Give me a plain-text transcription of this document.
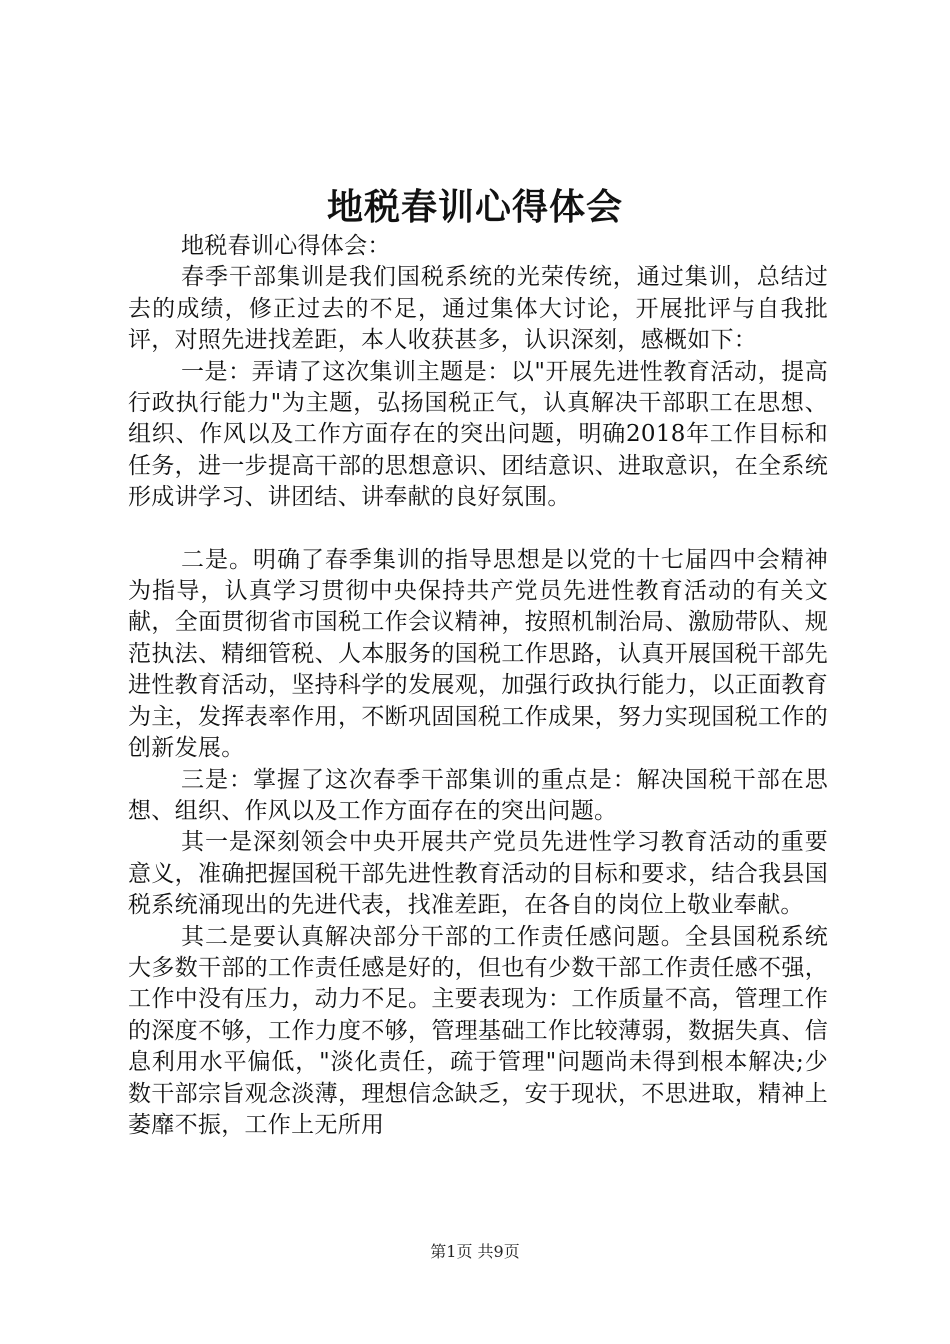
地税春训心得体会

地税春训心得体会：

春季干部集训是我们国税系统的光荣传统，通过集训，总结过去的成绩，修正过去的不足，通过集体大讨论，开展批评与自我批评，对照先进找差距，本人收获甚多，认识深刻，感概如下：

一是：弄请了这次集训主题是：以"开展先进性教育活动，提高行政执行能力"为主题，弘扬国税正气，认真解决干部职工在思想、组织、作风以及工作方面存在的突出问题，明确2018年工作目标和任务，进一步提高干部的思想意识、团结意识、进取意识，在全系统形成讲学习、讲团结、讲奉献的良好氛围。

二是。明确了春季集训的指导思想是以党的十七届四中会精神为指导，认真学习贯彻中央保持共产党员先进性教育活动的有关文献，全面贯彻省市国税工作会议精神，按照机制治局、激励带队、规范执法、精细管税、人本服务的国税工作思路，认真开展国税干部先进性教育活动，坚持科学的发展观，加强行政执行能力，以正面教育为主，发挥表率作用，不断巩固国税工作成果，努力实现国税工作的创新发展。

三是：掌握了这次春季干部集训的重点是：解决国税干部在思想、组织、作风以及工作方面存在的突出问题。

其一是深刻领会中央开展共产党员先进性学习教育活动的重要意义，准确把握国税干部先进性教育活动的目标和要求，结合我县国税系统涌现出的先进代表，找准差距，在各自的岗位上敬业奉献。

其二是要认真解决部分干部的工作责任感问题。全县国税系统大多数干部的工作责任感是好的，但也有少数干部工作责任感不强，工作中没有压力，动力不足。主要表现为：工作质量不高，管理工作的深度不够，工作力度不够，管理基础工作比较薄弱，数据失真、信息利用水平偏低，"淡化责任，疏于管理"问题尚未得到根本解决;少数干部宗旨观念淡薄，理想信念缺乏，安于现状，不思进取，精神上萎靡不振，工作上无所用

第1页 共9页
